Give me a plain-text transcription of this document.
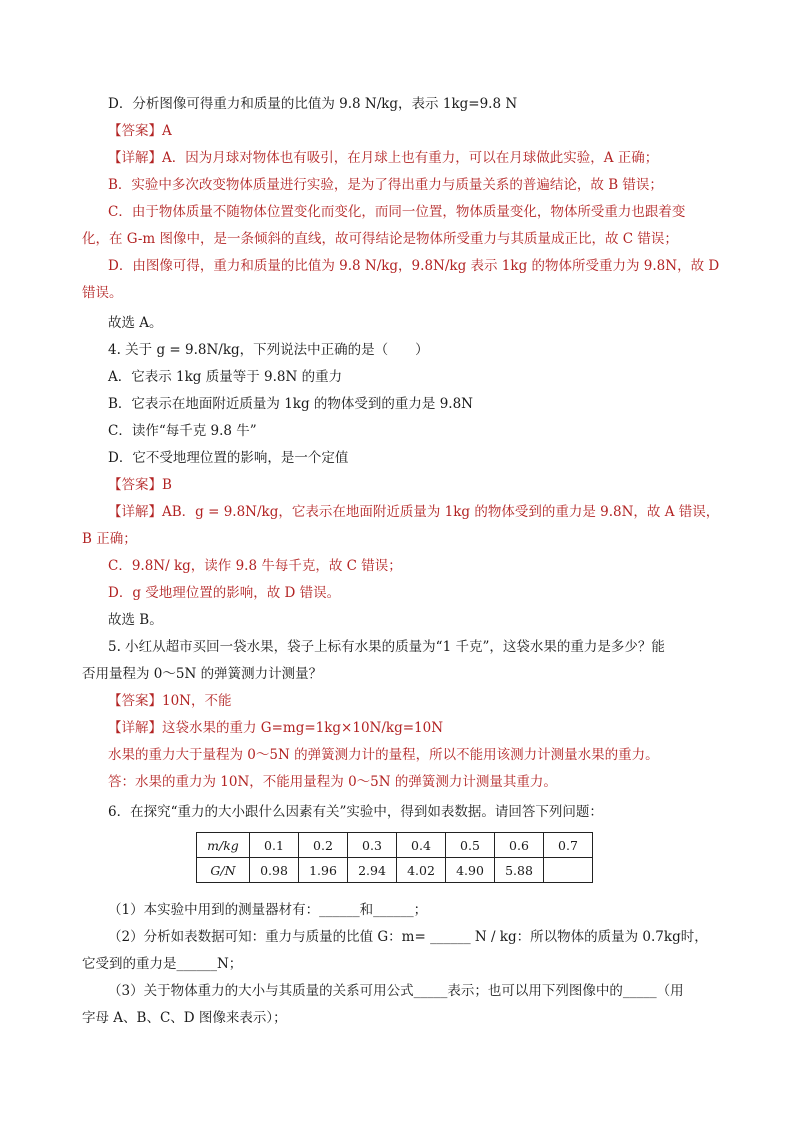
D．分析图像可得重力和质量的比值为 9.8 N/kg，表示 1kg=9.8 N
【答案】A
【详解】A．因为月球对物体也有吸引，在月球上也有重力，可以在月球做此实验，A 正确；
B．实验中多次改变物体质量进行实验，是为了得出重力与质量关系的普遍结论，故 B 错误；
C．由于物体质量不随物体位置变化而变化，而同一位置，物体质量变化，物体所受重力也跟着变
化，在 G-m 图像中，是一条倾斜的直线，故可得结论是物体所受重力与其质量成正比，故 C 错误；
D．由图像可得，重力和质量的比值为 9.8 N/kg，9.8N/kg 表示 1kg 的物体所受重力为 9.8N，故 D
错误。
故选 A。
4. 关于 g = 9.8N/kg，下列说法中正确的是（　　）
A．它表示 1kg 质量等于 9.8N 的重力
B．它表示在地面附近质量为 1kg 的物体受到的重力是 9.8N
C．读作“每千克 9.8 牛”
D．它不受地理位置的影响，是一个定值
【答案】B
【详解】AB．g = 9.8N/kg，它表示在地面附近质量为 1kg 的物体受到的重力是 9.8N，故 A 错误，
B 正确；
C．9.8N/ kg，读作 9.8 牛每千克，故 C 错误；
D．g 受地理位置的影响，故 D 错误。
故选 B。
5. 小红从超市买回一袋水果，袋子上标有水果的质量为“1 千克”，这袋水果的重力是多少？能
否用量程为 0～5N 的弹簧测力计测量？
【答案】10N，不能
【详解】这袋水果的重力 G=mg=1kg×10N/kg=10N
水果的重力大于量程为 0～5N 的弹簧测力计的量程，所以不能用该测力计测量水果的重力。
答：水果的重力为 10N，不能用量程为 0～5N 的弹簧测力计测量其重力。
6．在探究“重力的大小跟什么因素有关”实验中，得到如表数据。请回答下列问题：
（1）本实验中用到的测量器材有：______和______；
（2）分析如表数据可知：重力与质量的比值 G：m= ______ N / kg：所以物体的质量为 0.7kg时，
它受到的重力是______N；
（3）关于物体重力的大小与其质量的关系可用公式_____表示；也可以用下列图像中的_____（用
字母 A、B、C、D 图像来表示）；
m/kg	0.1	0.2	0.3	0.4	0.5	0.6	0.7
G/N	0.98	1.96	2.94	4.02	4.90	5.88	
